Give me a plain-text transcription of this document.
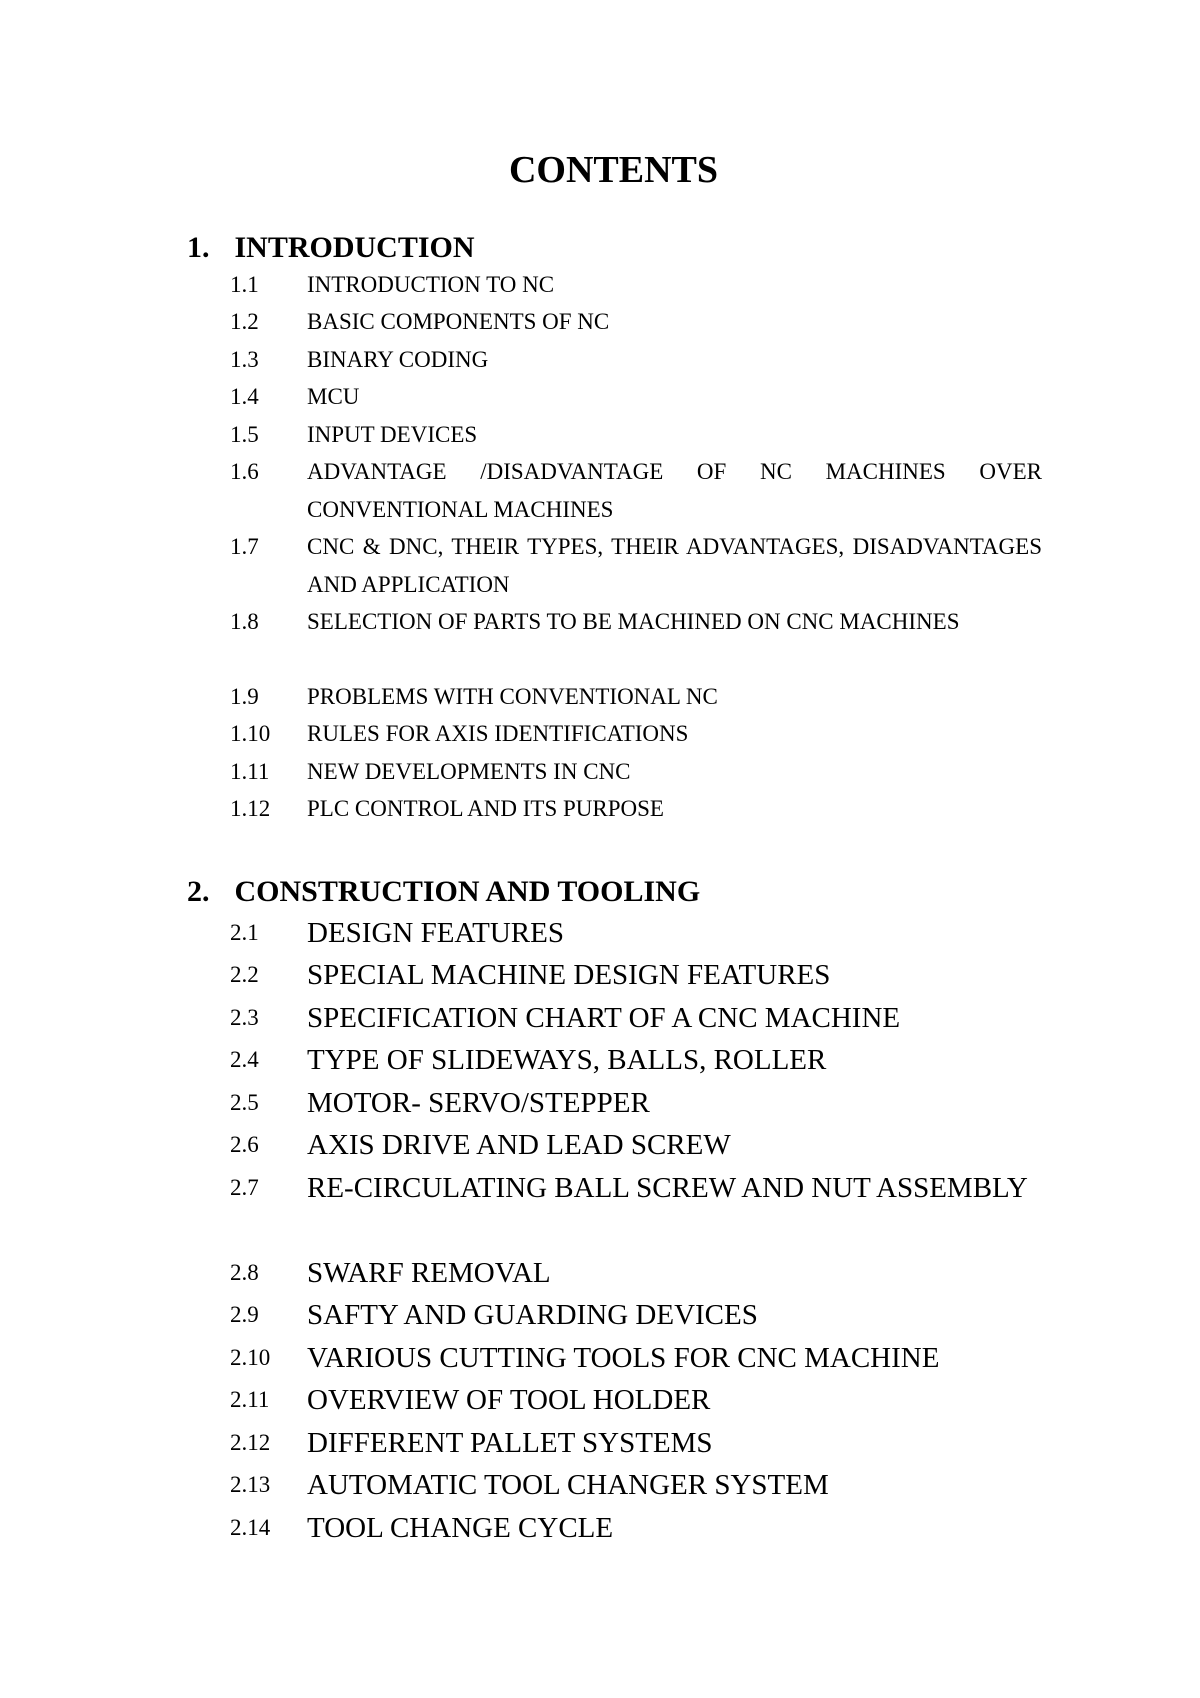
CONTENTS
1. INTRODUCTION
1.1 INTRODUCTION TO NC
1.2 BASIC COMPONENTS OF NC
1.3 BINARY CODING
1.4 MCU
1.5 INPUT DEVICES
1.6 ADVANTAGE /DISADVANTAGE OF NC MACHINES OVER CONVENTIONAL MACHINES
1.7 CNC & DNC, THEIR TYPES, THEIR ADVANTAGES, DISADVANTAGES AND APPLICATION
1.8 SELECTION OF PARTS TO BE MACHINED ON CNC MACHINES
1.9 PROBLEMS WITH CONVENTIONAL NC
1.10 RULES FOR AXIS IDENTIFICATIONS
1.11 NEW DEVELOPMENTS IN CNC
1.12 PLC CONTROL AND ITS PURPOSE
2. CONSTRUCTION AND TOOLING
2.1 DESIGN FEATURES
2.2 SPECIAL MACHINE DESIGN FEATURES
2.3 SPECIFICATION CHART OF A CNC MACHINE
2.4 TYPE OF SLIDEWAYS, BALLS, ROLLER
2.5 MOTOR- SERVO/STEPPER
2.6 AXIS DRIVE AND LEAD SCREW
2.7 RE-CIRCULATING BALL SCREW AND NUT ASSEMBLY
2.8 SWARF REMOVAL
2.9 SAFTY AND GUARDING DEVICES
2.10 VARIOUS CUTTING TOOLS FOR CNC MACHINE
2.11 OVERVIEW OF TOOL HOLDER
2.12 DIFFERENT PALLET SYSTEMS
2.13 AUTOMATIC TOOL CHANGER SYSTEM
2.14 TOOL CHANGE CYCLE
